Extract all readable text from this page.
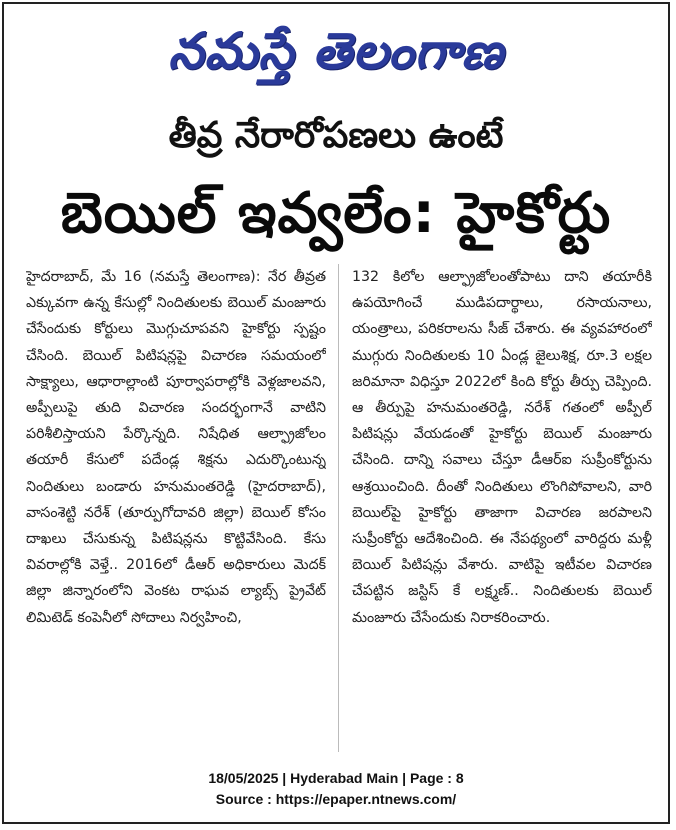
నమస్తే తెలంగాణ
తీవ్ర నేరారోపణలు ఉంటే
బెయిల్ ఇవ్వలేం: హైకోర్టు

హైదరాబాద్, మే 16 (నమస్తే తెలంగాణ): నేర తీవ్రత ఎక్కువగా ఉన్న కేసుల్లో నిందితులకు బెయిల్ మంజూరు చేసేందుకు కోర్టులు మొగ్గుచూపవని హైకోర్టు స్పష్టం చేసింది. బెయిల్ పిటిషన్లపై విచారణ సమయంలో సాక్ష్యాలు, ఆధారాల్లాంటి పూర్వాపరాల్లోకి వెళ్లజాలవని, అప్పీలుపై తుది విచారణ సందర్భంగానే వాటిని పరిశీలిస్తాయని పేర్కొన్నది. నిషేధిత ఆల్ఫ్రాజోలం తయారీ కేసులో పదేండ్ల శిక్షను ఎదుర్కొంటున్న నిందితులు బండారు హనుమంతరెడ్డి (హైదరాబాద్), వాసంశెట్టి నరేశ్ (తూర్పుగోదావరి జిల్లా) బెయిల్ కోసం దాఖలు చేసుకున్న పిటిషన్లను కొట్టివేసింది. కేసు వివరాల్లోకి వెళ్తే.. 2016లో డీఆర్ అధికారులు మెదక్ జిల్లా జిన్నారంలోని వెంకట రాఘవ ల్యాబ్స్ ప్రైవేట్ లిమిటెడ్ కంపెనీలో సోదాలు నిర్వహించి,

132 కిలోల ఆల్ఫ్రాజోలంతోపాటు దాని తయారీకి ఉపయోగించే ముడిపదార్థాలు, రసాయనాలు, యంత్రాలు, పరికరాలను సీజ్ చేశారు. ఈ వ్యవహారంలో ముగ్గురు నిందితులకు 10 ఏండ్ల జైలుశిక్ష, రూ.3 లక్షల జరిమానా విధిస్తూ 2022లో కింది కోర్టు తీర్పు చెప్పింది. ఆ తీర్పుపై హనుమంతరెడ్డి, నరేశ్ గతంలో అప్పీల్ పిటిషన్లు వేయడంతో హైకోర్టు బెయిల్ మంజూరు చేసింది. దాన్ని సవాలు చేస్తూ డీఆర్ఐ సుప్రీంకోర్టును ఆశ్రయించింది. దీంతో నిందితులు లొంగిపోవాలని, వారి బెయిల్‌పై హైకోర్టు తాజాగా విచారణ జరపాలని సుప్రీంకోర్టు ఆదేశించింది. ఈ నేపథ్యంలో వారిద్దరు మళ్లీ బెయిల్ పిటిషన్లు వేశారు. వాటిపై ఇటీవల విచారణ చేపట్టిన జస్టిస్ కే లక్ష్మణ్.. నిందితులకు బెయిల్ మంజూరు చేసేందుకు నిరాకరించారు.

18/05/2025 | Hyderabad Main | Page : 8
Source : https://epaper.ntnews.com/
